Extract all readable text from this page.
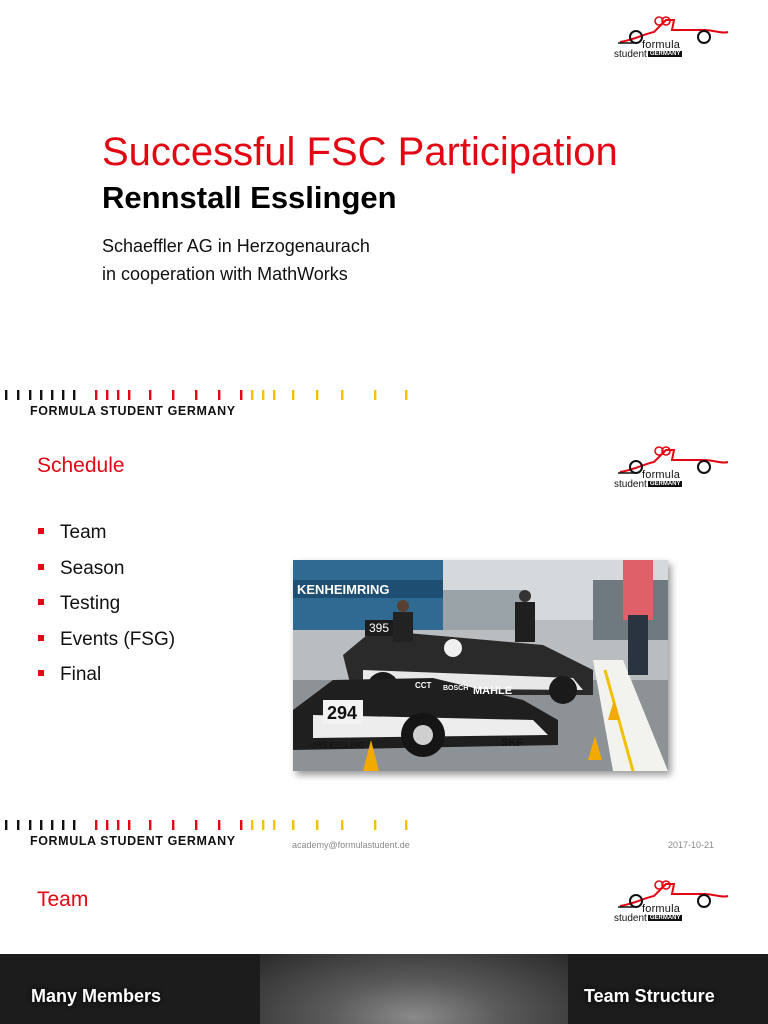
formula
student GERMANY
Successful FSC Participation
Rennstall Esslingen
Schaeffler AG in Herzogenaurach
in cooperation with MathWorks
FORMULA STUDENT GERMANY
Schedule	formula
student GERMANY
Team
Season
Testing
Events (FSG)
Final
KENHEIMRING
395
294
MAHLE
CCT BOSCH
SKF
UAS ESSLING
FORMULA STUDENT GERMANY	academy@formulastudent.de	2017-10-21
Team	formula
student GERMANY
Many Members	Team Structure
